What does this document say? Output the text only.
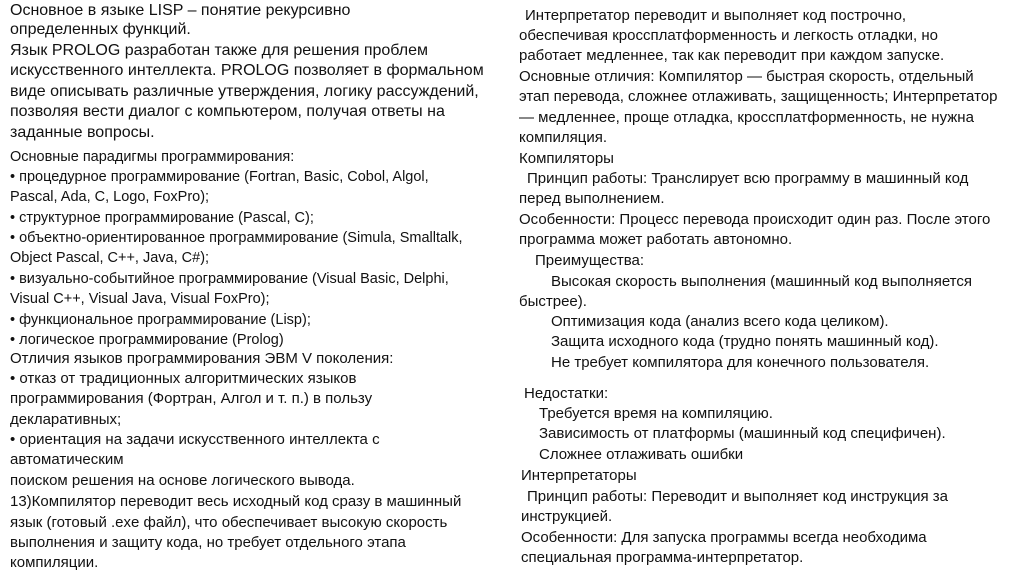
Основное в языке LISP – понятие рекурсивно
определенных функций.
Язык PROLOG разработан также для решения проблем
искусственного интеллекта. PROLOG позволяет в формальном
виде описывать различные утверждения, логику рассуждений,
позволяя вести диалог с компьютером, получая ответы на
заданные вопросы.
Основные парадигмы программирования:
• процедурное программирование (Fortran, Basic, Cobol, Algol,
Pascal, Ada, C, Logo, FoxPro);
• структурное программирование (Pascal, C);
• объектно-ориентированное программирование (Simula, Smalltalk,
Object Pascal, C++, Java, C#);
• визуально-событийное программирование (Visual Basic, Delphi,
Visual C++, Visual Java, Visual FoxPro);
• функциональное программирование (Lisp);
• логическое программирование (Prolog)
Отличия языков программирования ЭВМ V поколения:
• отказ от традиционных алгоритмических языков
программирования (Фортран, Алгол и т. п.) в пользу
декларативных;
• ориентация на задачи искусственного интеллекта с
автоматическим
поиском решения на основе логического вывода.
13)Компилятор переводит весь исходный код сразу в машинный
язык (готовый .exe файл), что обеспечивает высокую скорость
выполнения и защиту кода, но требует отдельного этапа
компиляции.
Интерпретатор переводит и выполняет код построчно,
обеспечивая кроссплатформенность и легкость отладки, но
работает медленнее, так как переводит при каждом запуске.
Основные отличия: Компилятор — быстрая скорость, отдельный
этап перевода, сложнее отлаживать, защищенность; Интерпретатор
— медленнее, проще отладка, кроссплатформенность, не нужна
компиляция.
Компиляторы
Принцип работы: Транслирует всю программу в машинный код
перед выполнением.
Особенности: Процесс перевода происходит один раз. После этого
программа может работать автономно.
Преимущества:
Высокая скорость выполнения (машинный код выполняется
быстрее).
Оптимизация кода (анализ всего кода целиком).
Защита исходного кода (трудно понять машинный код).
Не требует компилятора для конечного пользователя.
Недостатки:
Требуется время на компиляцию.
Зависимость от платформы (машинный код специфичен).
Сложнее отлаживать ошибки
Интерпретаторы
Принцип работы: Переводит и выполняет код инструкция за
инструкцией.
Особенности: Для запуска программы всегда необходима
специальная программа-интерпретатор.
